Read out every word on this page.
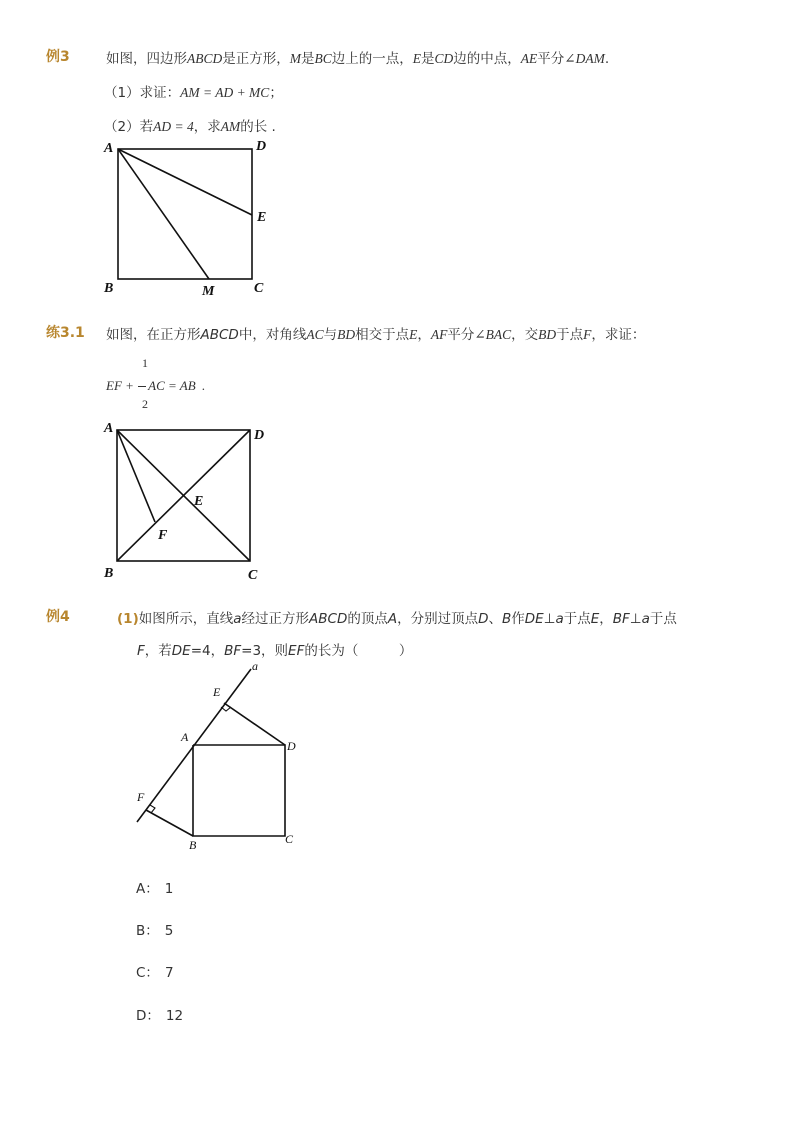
例3	如图，四边形ABCD是正方形，M是BC边上的一点，E是CD边的中点，AE平分∠DAM.
（1）求证：AM = AD + MC；
（2）若AD = 4，求AM的长 .
A	D
E
B	M	C
练3.1 如图，在正方形ABCD中，对角线AC与BD相交于点E，AF平分∠BAC，交BD于点F，求证：
1
EF + AC = AB .
2
A	D
E
F
B	C
例4	(1)如图所示，直线a经过正方形ABCD的顶点A，分别过顶点D、B作DE⊥a于点E，BF⊥a于点
F，若DE=4，BF=3，则EF的长为（　　　）
a
E
A
D
F
B	C
A： 1
B： 5
C： 7
D： 12
